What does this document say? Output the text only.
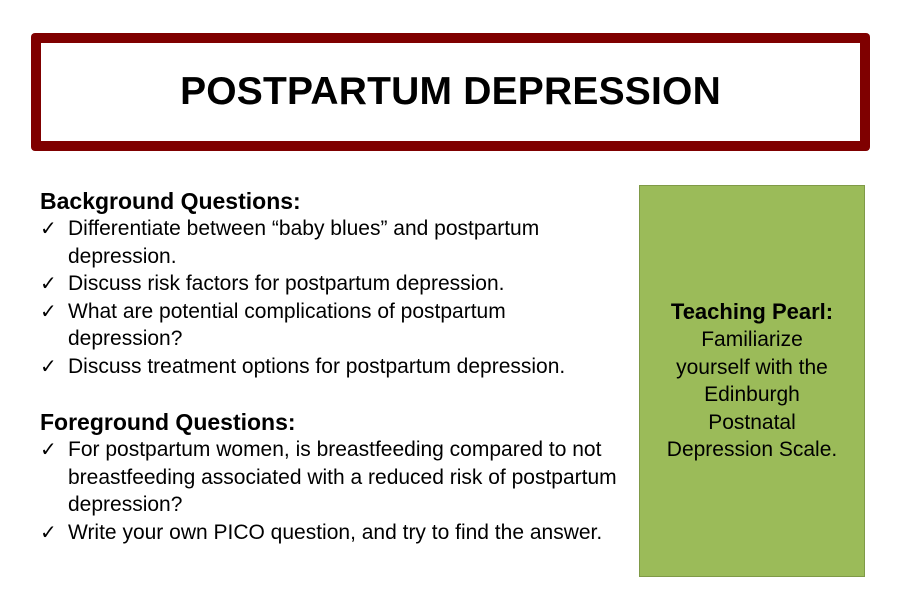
POSTPARTUM DEPRESSION
Background Questions:
✓ Differentiate between “baby blues” and postpartum depression.
✓ Discuss risk factors for postpartum depression.
✓ What are potential complications of postpartum depression?
✓ Discuss treatment options for postpartum depression.
Foreground Questions:
✓ For postpartum women, is breastfeeding compared to not breastfeeding associated with a reduced risk of postpartum depression?
✓ Write your own PICO question, and try to find the answer.
Teaching Pearl:
Familiarize
yourself with the
Edinburgh
Postnatal
Depression Scale.
